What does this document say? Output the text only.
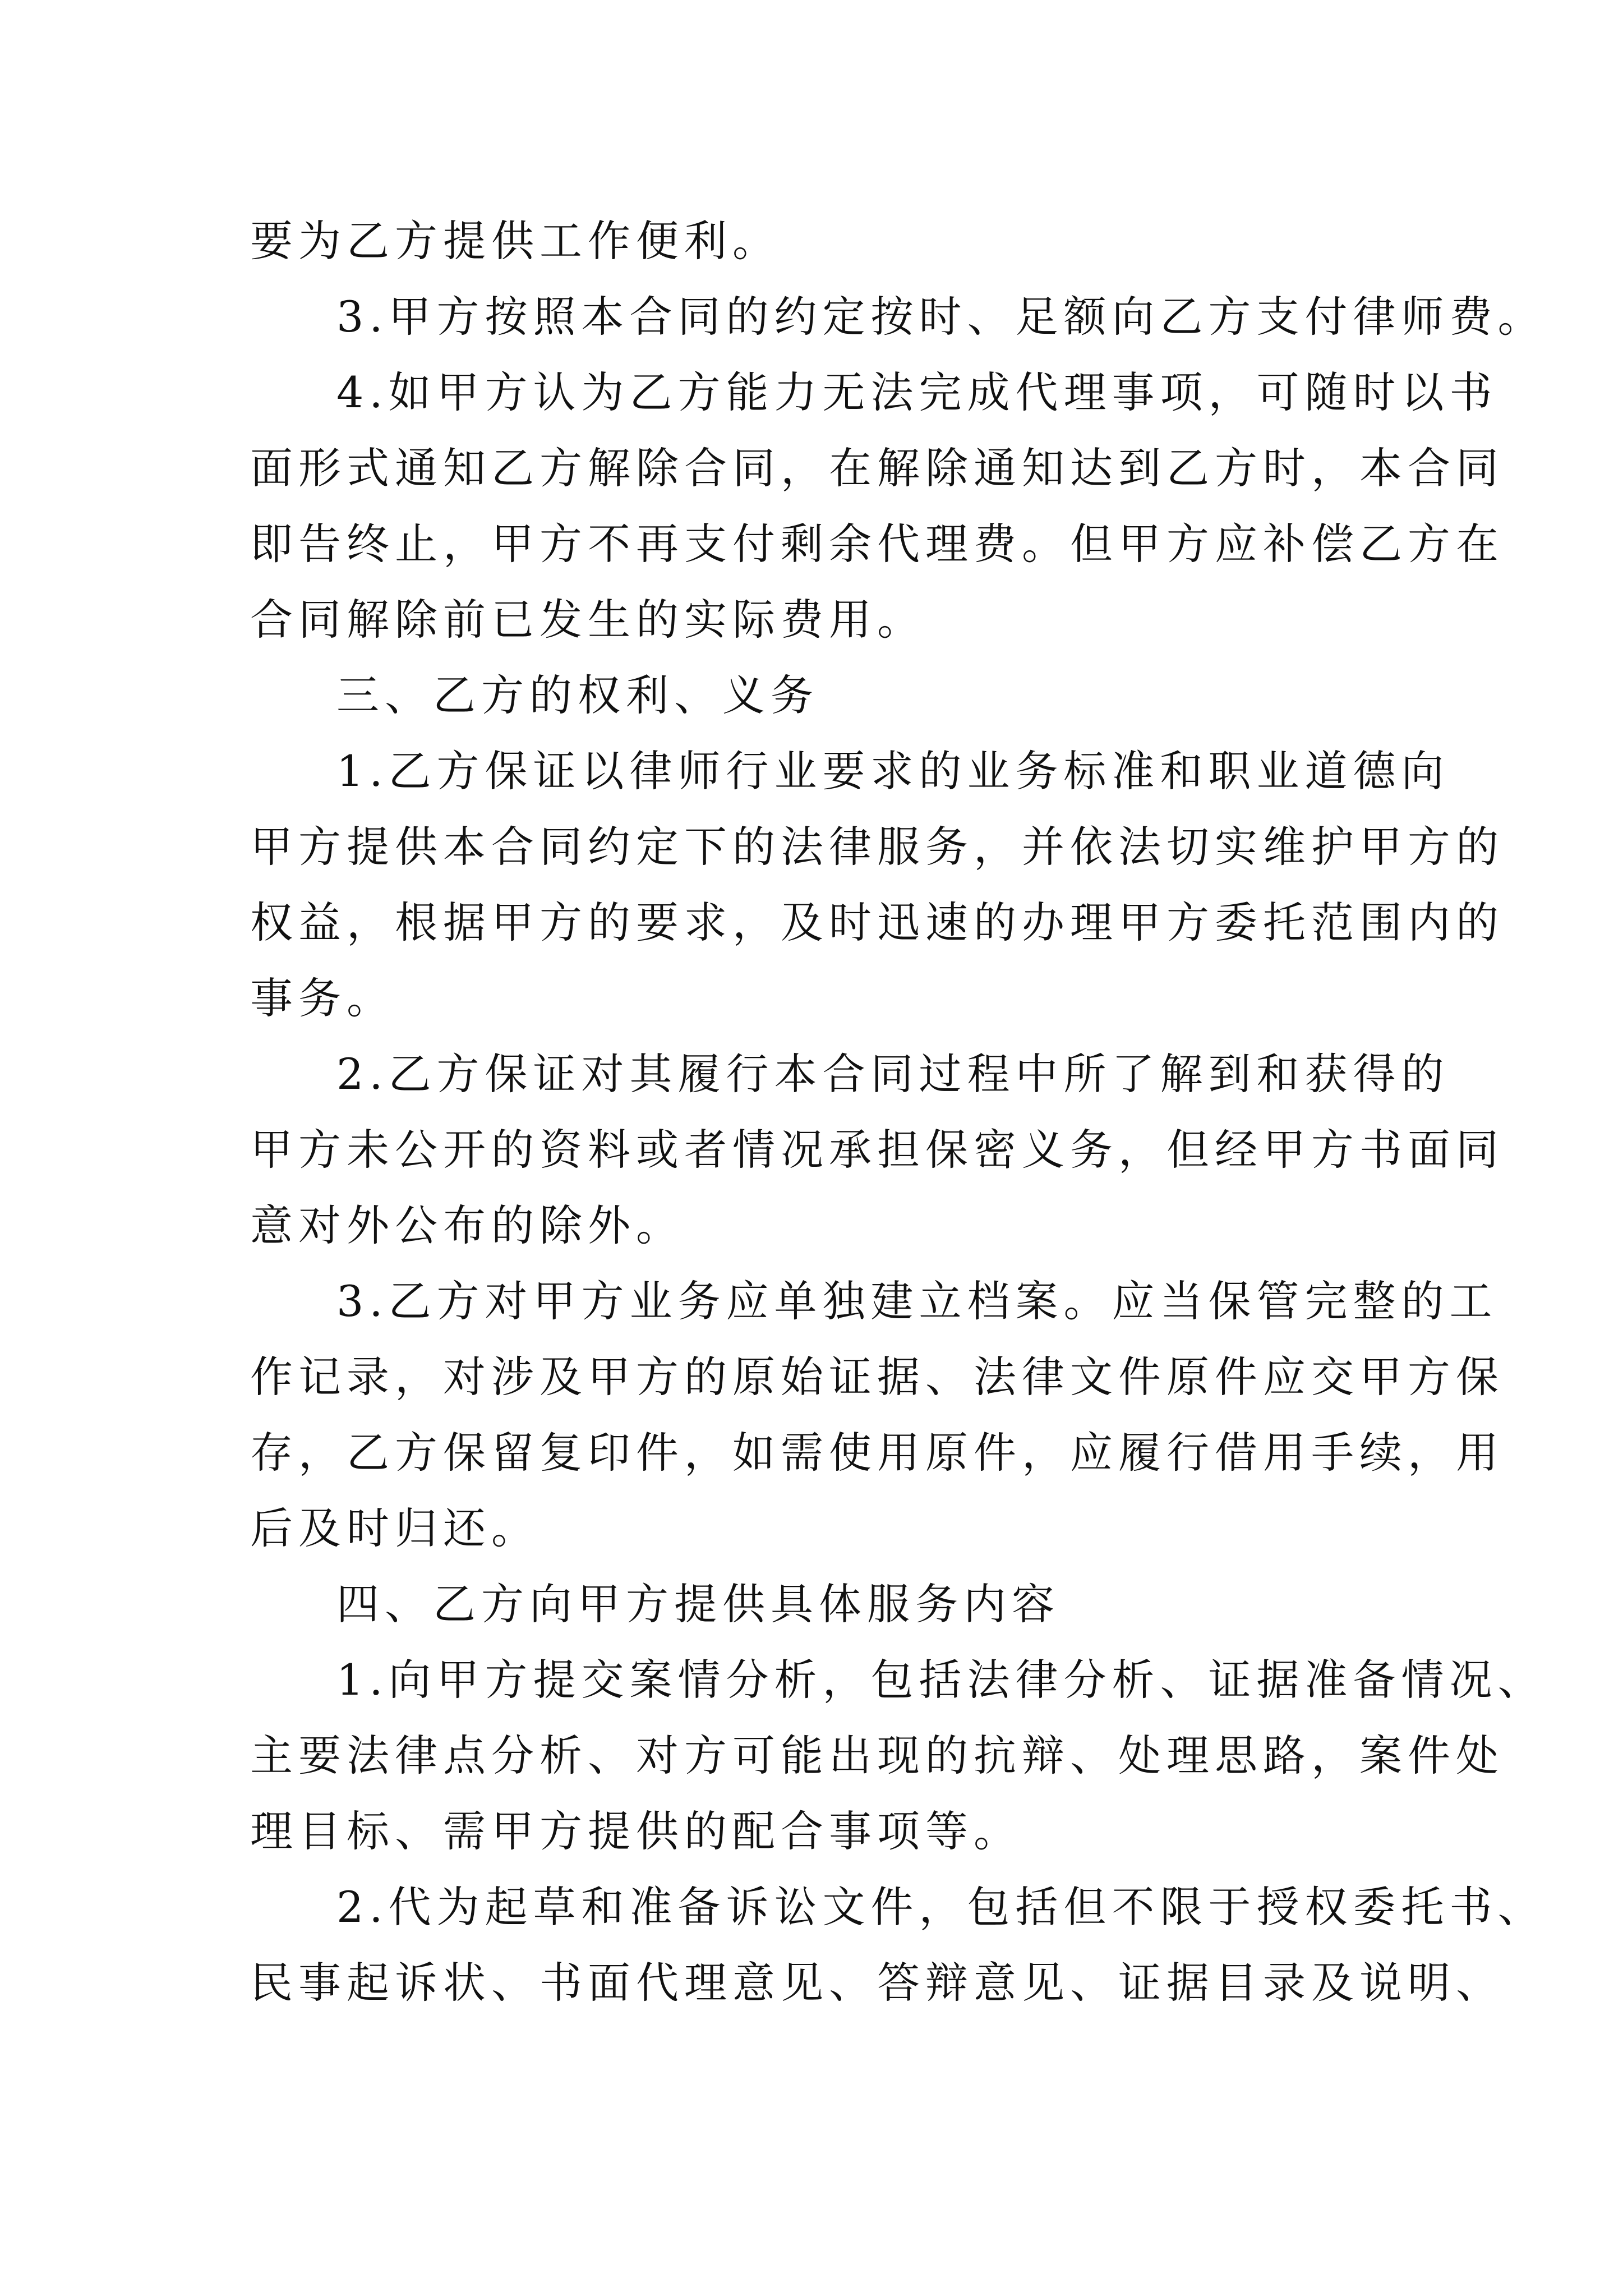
要为乙方提供工作便利。
3.甲方按照本合同的约定按时、足额向乙方支付律师费。
4.如甲方认为乙方能力无法完成代理事项，可随时以书
面形式通知乙方解除合同，在解除通知达到乙方时，本合同
即告终止，甲方不再支付剩余代理费。但甲方应补偿乙方在
合同解除前已发生的实际费用。
三、乙方的权利、义务
1.乙方保证以律师行业要求的业务标准和职业道德向
甲方提供本合同约定下的法律服务，并依法切实维护甲方的
权益，根据甲方的要求，及时迅速的办理甲方委托范围内的
事务。
2.乙方保证对其履行本合同过程中所了解到和获得的
甲方未公开的资料或者情况承担保密义务，但经甲方书面同
意对外公布的除外。
3.乙方对甲方业务应单独建立档案。应当保管完整的工
作记录，对涉及甲方的原始证据、法律文件原件应交甲方保
存，乙方保留复印件，如需使用原件，应履行借用手续，用
后及时归还。
四、乙方向甲方提供具体服务内容
1.向甲方提交案情分析，包括法律分析、证据准备情况、
主要法律点分析、对方可能出现的抗辩、处理思路，案件处
理目标、需甲方提供的配合事项等。
2.代为起草和准备诉讼文件，包括但不限于授权委托书、
民事起诉状、书面代理意见、答辩意见、证据目录及说明、
